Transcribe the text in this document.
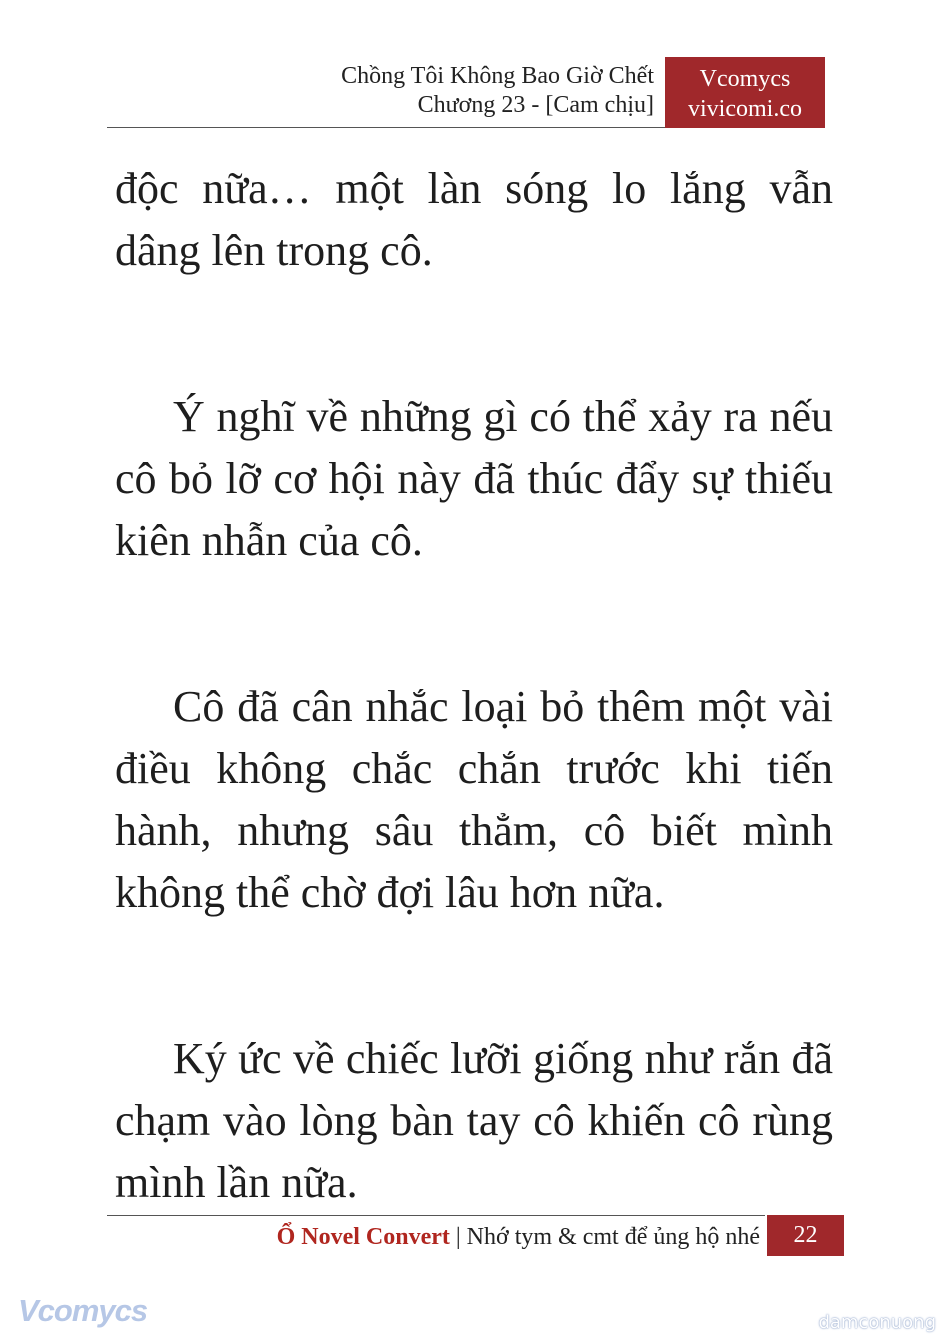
Chồng Tôi Không Bao Giờ Chết
Chương 23 - [Cam chịu]
Vcomycs
vivicomi.co

độc nữa… một làn sóng lo lắng vẫn dâng lên trong cô.

Ý nghĩ về những gì có thể xảy ra nếu cô bỏ lỡ cơ hội này đã thúc đẩy sự thiếu kiên nhẫn của cô.

Cô đã cân nhắc loại bỏ thêm một vài điều không chắc chắn trước khi tiến hành, nhưng sâu thẳm, cô biết mình không thể chờ đợi lâu hơn nữa.

Ký ức về chiếc lưỡi giống như rắn đã chạm vào lòng bàn tay cô khiến cô rùng mình lần nữa.

Ổ Novel Convert | Nhớ tym & cmt để ủng hộ nhé	22
Vcomycs	damconuong
